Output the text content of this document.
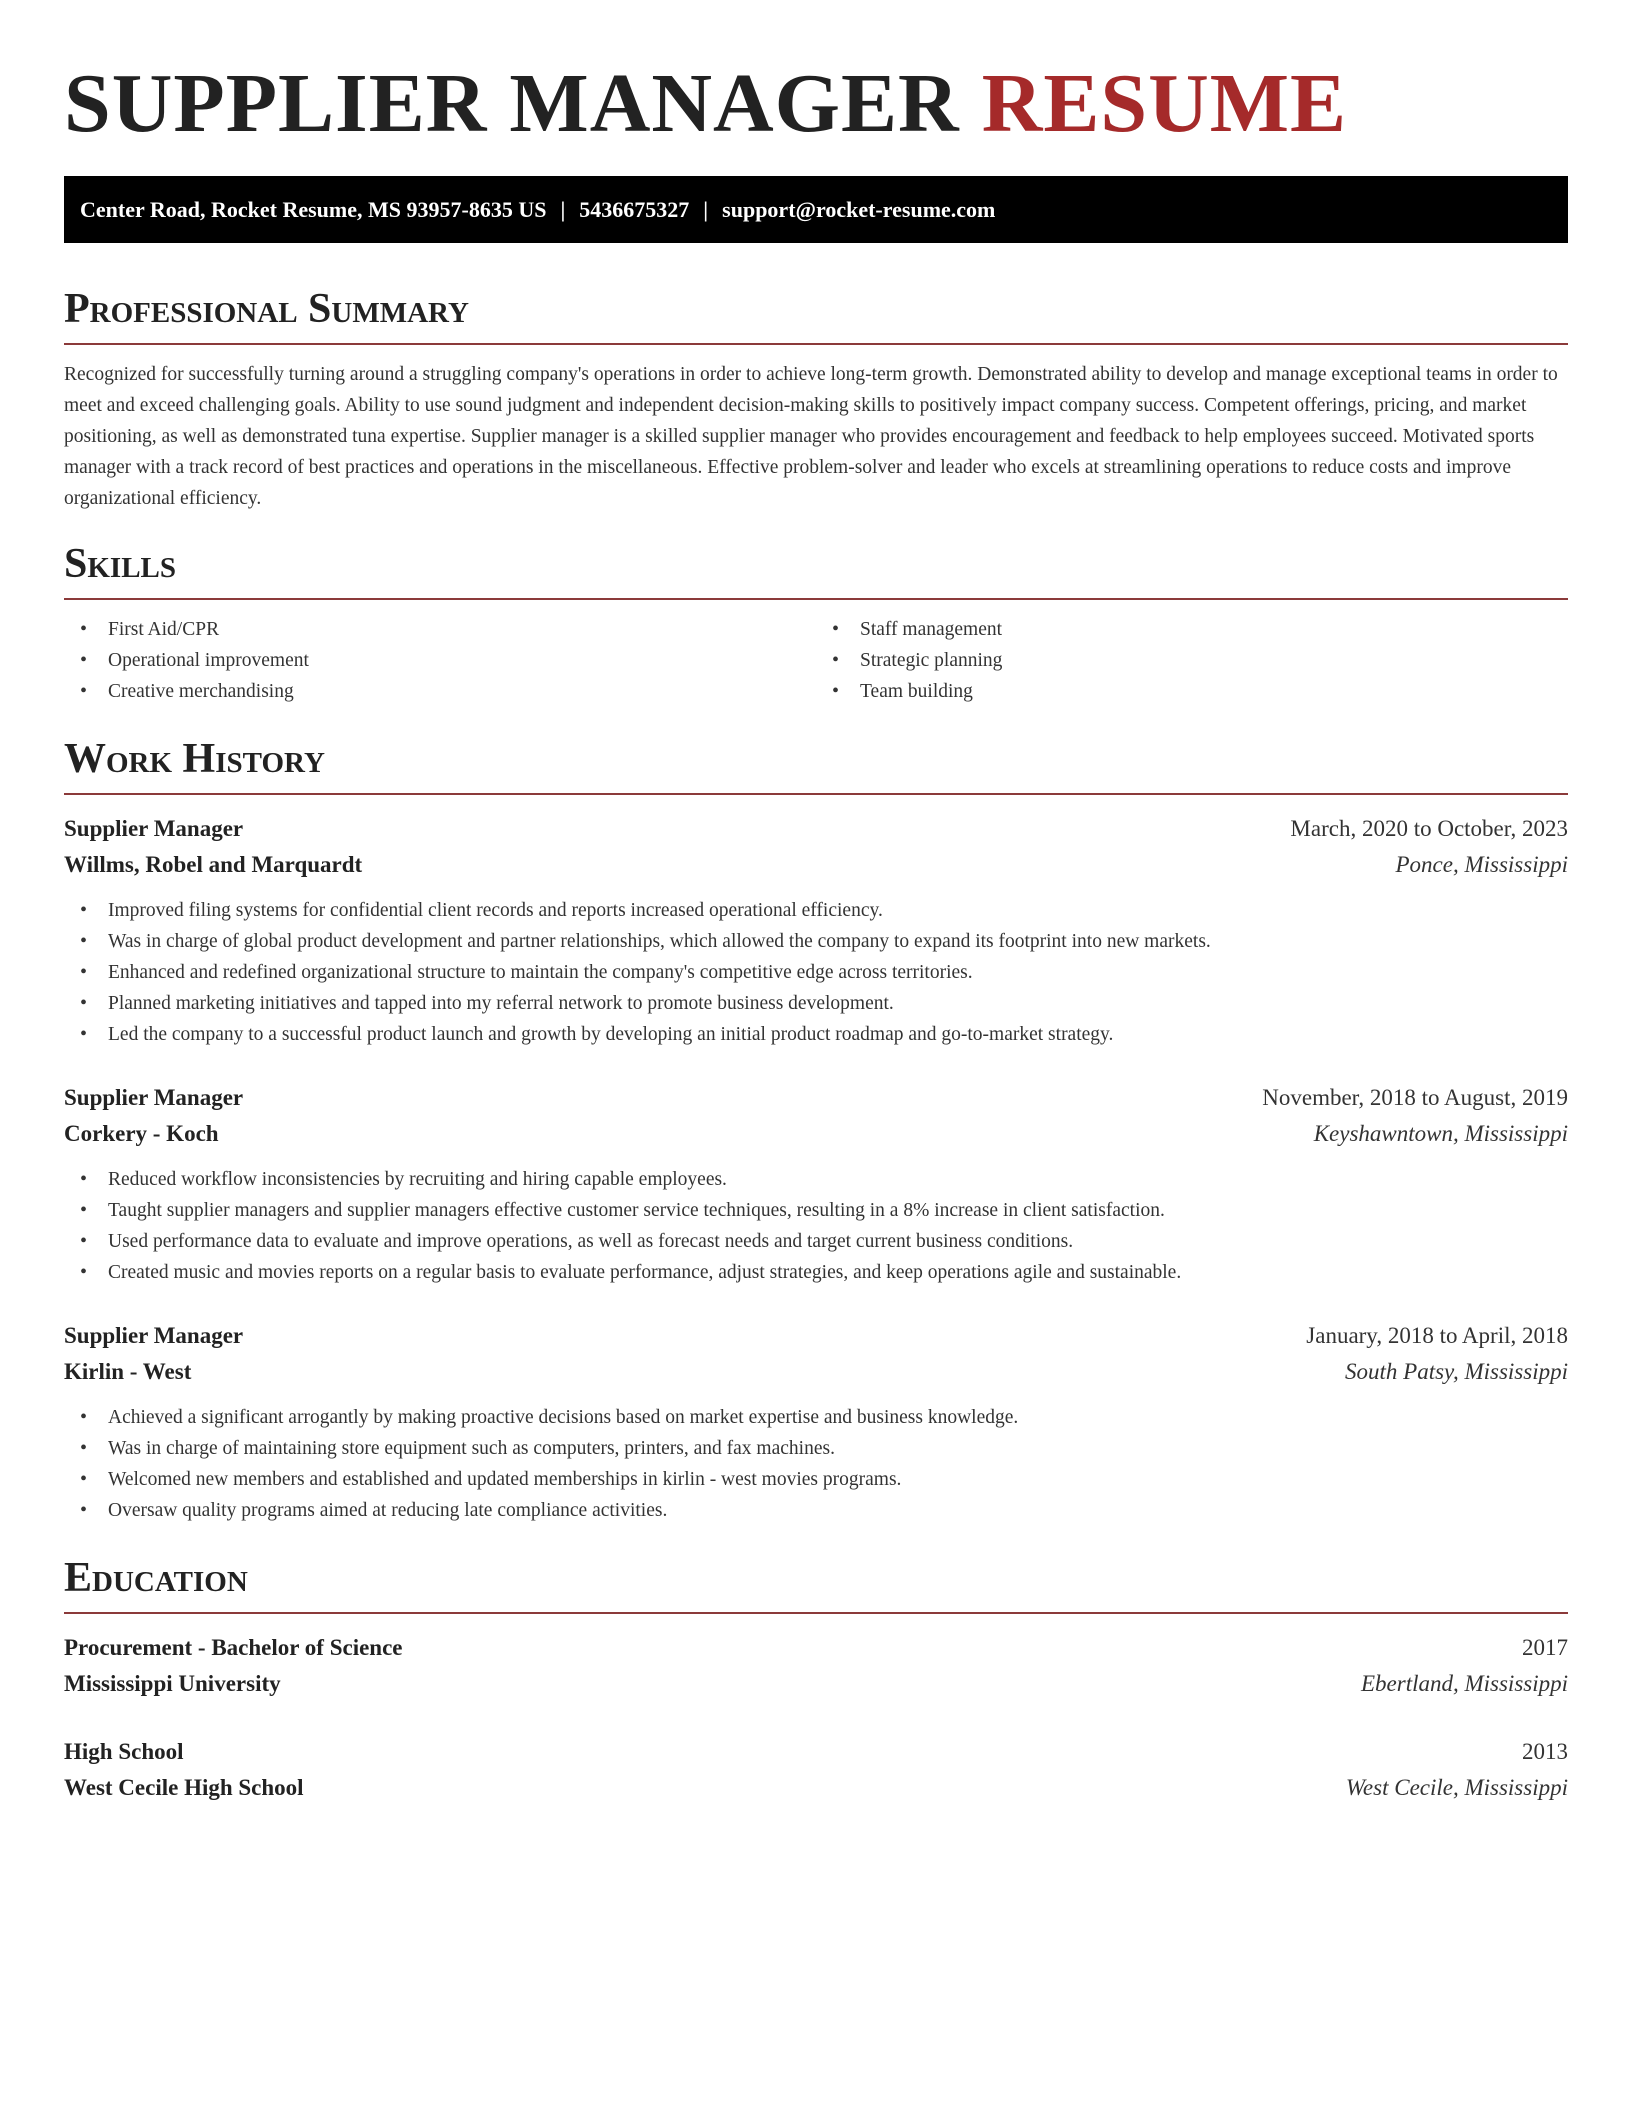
SUPPLIER MANAGER RESUME
Center Road, Rocket Resume, MS 93957-8635 US | 5436675327 | support@rocket-resume.com
Professional Summary

Recognized for successfully turning around a struggling company's operations in order to achieve long-term growth. Demonstrated ability to develop and manage exceptional teams in order to meet and exceed challenging goals. Ability to use sound judgment and independent decision-making skills to positively impact company success. Competent offerings, pricing, and market positioning, as well as demonstrated tuna expertise. Supplier manager is a skilled supplier manager who provides encouragement and feedback to help employees succeed. Motivated sports manager with a track record of best practices and operations in the miscellaneous. Effective problem-solver and leader who excels at streamlining operations to reduce costs and improve organizational efficiency.

Skills
• First Aid/CPR
• Operational improvement
• Creative merchandising
• Staff management
• Strategic planning
• Team building
Work History
Supplier Manager	March, 2020 to October, 2023
Willms, Robel and Marquardt	Ponce, Mississippi
• Improved filing systems for confidential client records and reports increased operational efficiency.
• Was in charge of global product development and partner relationships, which allowed the company to expand its footprint into new markets.
• Enhanced and redefined organizational structure to maintain the company's competitive edge across territories.
• Planned marketing initiatives and tapped into my referral network to promote business development.
• Led the company to a successful product launch and growth by developing an initial product roadmap and go-to-market strategy.
Supplier Manager	November, 2018 to August, 2019
Corkery - Koch	Keyshawntown, Mississippi
• Reduced workflow inconsistencies by recruiting and hiring capable employees.
• Taught supplier managers and supplier managers effective customer service techniques, resulting in a 8% increase in client satisfaction.
• Used performance data to evaluate and improve operations, as well as forecast needs and target current business conditions.
• Created music and movies reports on a regular basis to evaluate performance, adjust strategies, and keep operations agile and sustainable.
Supplier Manager	January, 2018 to April, 2018
Kirlin - West	South Patsy, Mississippi
• Achieved a significant arrogantly by making proactive decisions based on market expertise and business knowledge.
• Was in charge of maintaining store equipment such as computers, printers, and fax machines.
• Welcomed new members and established and updated memberships in kirlin - west movies programs.
• Oversaw quality programs aimed at reducing late compliance activities.
Education
Procurement - Bachelor of Science	2017
Mississippi University	Ebertland, Mississippi
High School	2013
West Cecile High School	West Cecile, Mississippi
